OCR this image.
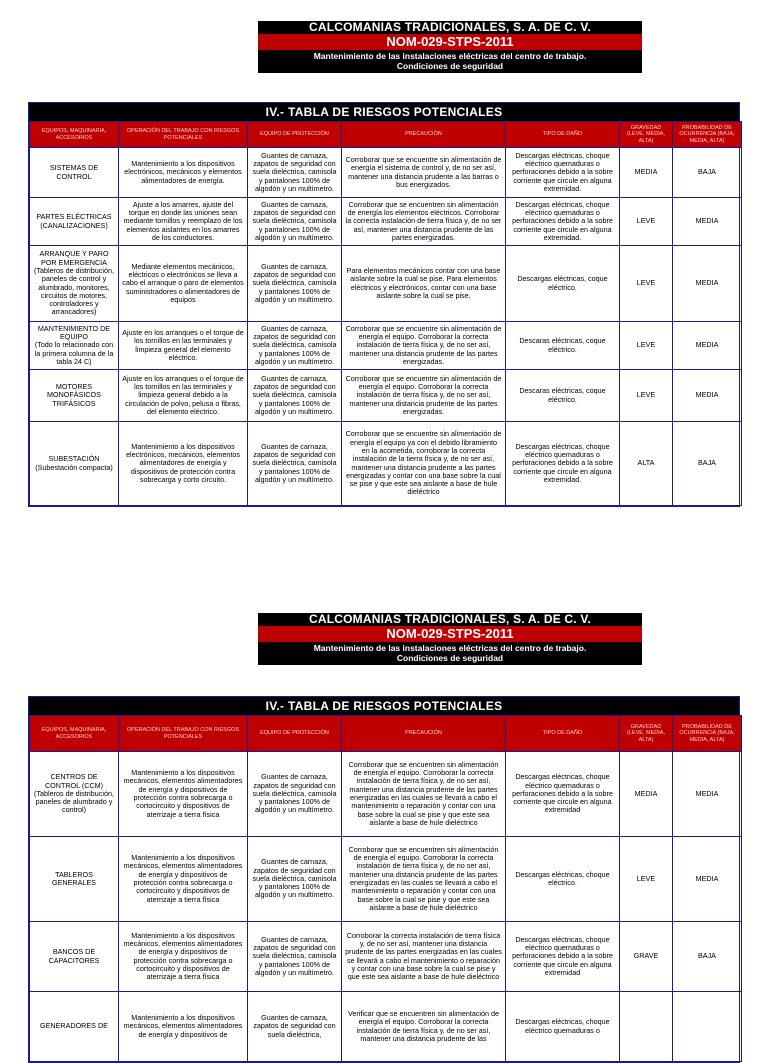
CALCOMANIAS TRADICIONALES, S. A. DE C. V.
NOM-029-STPS-2011
Mantenimiento de las instalaciones eléctricas del centro de trabajo.
Condiciones de seguridad
IV.- TABLA DE RIESGOS POTENCIALES
EQUIPOS, MAQUINARIA, ACCESORIOS	OPERACIÓN DEL TRABAJO CON RIESGOS POTENCIALES	EQUIPO DE PROTECCIÓN	PRECAUCIÓN	TIPO DE DAÑO	GRAVEDAD (LEVE, MEDIA, ALTA)	PROBABILIDAD DE OCURRENCIA (BAJA, MEDIA, ALTA)
SISTEMAS DE CONTROL	Mantenimiento a los dispositivos electrónicos, mecánicos y elementos alimentadores de energía.	Guantes de carnaza, zapatos de seguridad con suela dieléctrica, camisola y pantalones 100% de algodón y un multímetro.	Corroborar que se encuentre sin alimentación de energía el sistema de control y, de no ser así, mantener una distancia prudente a las barras o bus energizados.	Descargas eléctricas, choque eléctrico quemaduras o perforaciones debido a la sobre corriente que circule en alguna extremidad.	MEDIA	BAJA
PARTES ELÉCTRICAS (CANALIZACIONES)	Ajuste a los amarres, ajuste del torque en donde las uniones sean mediante tornillos y reemplazo de los elementos aislantes en los amarres de los conductores.	Guantes de carnaza, zapatos de seguridad con suela dieléctrica, camisola y pantalones 100% de algodón y un multímetro.	Corroborar que se encuentren sin alimentación de energía los elementos eléctricos. Corroborar la correcta instalación de tierra física y, de no ser así, mantener una distancia prudente de las partes energizadas.	Descargas eléctricas, choque eléctrico quemaduras o perforaciones debido a la sobre corriente que circule en alguna extremidad.	LEVE	MEDIA

ARRANQUE Y PARO POR EMERGENCIA
(Tableros de distribución, paneles de control y alumbrado, monitores, circuitos de motores, controladores y arrancadores)	Mediante elementos mecánicos, eléctricos o electrónicos se lleva a cabo el arranque o paro de elementos suministradores o alimentadores de equipos	Guantes de carnaza, zapatos de seguridad con suela dieléctrica, camisola y pantalones 100% de algodón y un multímetro.	Para elementos mecánicos contar con una base aislante sobre la cual se pise. Para elementos eléctricos y electrónicos, contar con una base aislante sobre la cual se pise.	Descargas eléctricas, coque eléctrico.	LEVE	MEDIA

MANTENIMIENTO DE EQUIPO
(Todo lo relacionado con la primera columna de la tabla 24 C)	Ajuste en los arranques o el torque de los tornillos en las terminales y limpieza general del elemento eléctrico.	Guantes de carnaza, zapatos de seguridad con suela dieléctrica, camisola y pantalones 100% de algodón y un multímetro.	Corroborar que se encuentre sin alimentación de energía el equipo. Corroborar la correcta instalación de tierra física y, de no ser así, mantener una distancia prudente de las partes energizadas.	Descaras eléctricas, coque eléctrico.	LEVE	MEDIA
MOTORES MONOFÁSICOS TRIFÁSICOS	Ajuste en los arranques o el torque de los tornillos en las terminales y limpieza general debido a la circulación de polvo, pelusa o fibras, del elemento eléctrico.	Guantes de carnaza, zapatos de seguridad con suela dieléctrica, camisola y pantalones 100% de algodón y un multímetro.	Corroborar que se encuentre sin alimentación de energía el equipo. Corroborar la correcta instalación de tierra física y, de no ser así, mantener una distancia prudente de las partes energizadas.	Descaras eléctricas, coque eléctrico.	LEVE	MEDIA

SUBESTACIÓN
(Subestación compacta)	Mantenimiento a los dispositivos electrónicos, mecánicos, elementos alimentadores de energía y dispositivos de protección contra sobrecarga y corto circuito.	Guantes de carnaza, zapatos de seguridad con suela dieléctrica, camisola y pantalones 100% de algodón y un multímetro.	Corroborar que se encuentre sin alimentación de energía el equipo ya con el debido libramiento en la acometida, corroborar la correcta instalación de la tierra física y, de no ser así, mantener una distancia prudente a las partes energizadas y contar con una base sobre la cual se pise y que este sea aislante a base de hule dieléctrico	Descargas eléctricas, choque eléctrico quemaduras o perforaciones debido a la sobre corriente que circule en alguna extremidad.	ALTA	BAJA
CALCOMANIAS TRADICIONALES, S. A. DE C. V.
NOM-029-STPS-2011
Mantenimiento de las instalaciones eléctricas del centro de trabajo.
Condiciones de seguridad
IV.- TABLA DE RIESGOS POTENCIALES
EQUIPOS, MAQUINARIA, ACCESORIOS	OPERACIÓN DEL TRABAJO CON RIESGOS POTENCIALES	EQUIPO DE PROTECCIÓN	PRECAUCIÓN	TIPO DE DAÑO	GRAVEDAD (LEVE, MEDIA, ALTA)	PROBABILIDAD DE OCURRENCIA (BAJA, MEDIA, ALTA)

CENTROS DE CONTROL (CCM)
(Tableros de distribución, paneles de alumbrado y control)	Mantenimiento a los dispositivos mecánicos, elementos alimentadores de energía y dispositivos de protección contra sobrecarga o cortocircuito y dispositivos de aterrizaje a tierra física	Guantes de carnaza, zapatos de seguridad con suela dieléctrica, camisola y pantalones 100% de algodón y un multímetro.	Corroborar que se encuentren sin alimentación de energía el equipo. Corroborar la correcta instalación de tierra física y, de no ser así, mantener una distancia prudente de las partes energizadas en las cuales se llevará a cabo el mantenimiento o reparación y contar con una base sobre la cual se pise y que este sea aislante a base de hule dieléctrico	Descargas eléctricas, choque eléctrico quemaduras o perforaciones debido a la sobre corriente que circule en alguna extremidad	MEDIA	MEDIA
TABLEROS GENERALES	Mantenimiento a los dispositivos mecánicos, elementos alimentadores de energía y dispositivos de protección contra sobrecarga o cortocircuito y dispositivos de aterrizaje a tierra física	Guantes de carnaza, zapatos de seguridad con suela dieléctrica, camisola y pantalones 100% de algodón y un multímetro.	Corroborar que se encuentren sin alimentación de energía el equipo. Corroborar la correcta instalación de tierra física y, de no ser así, mantener una distancia prudente de las partes energizadas en las cuales se llevará a cabo el mantenimiento o reparación y contar con una base sobre la cual se pise y que este sea aislante a base de hule dieléctrico	Descargas eléctricas, choque eléctrico.	LEVE	MEDIA
BANCOS DE CAPACITORES	Mantenimiento a los dispositivos mecánicos, elementos alimentadores de energía y dispositivos de protección contra sobrecarga o cortocircuito y dispositivos de aterrizaje a tierra física	Guantes de carnaza, zapatos de seguridad con suela dieléctrica, camisola y pantalones 100% de algodón y un multímetro.	Corroborar la correcta instalación de tierra física y, de no ser así, mantener una distancia prudente de las partes energizadas en las cuales se llevará a cabo el mantenimiento o reparación y contar con una base sobre la cual se pise y que este sea aislante a base de hule dieléctrico	Descargas eléctricas, choque eléctrico quemaduras o perforaciones debido a la sobre corriente que circule en alguna extremidad	GRAVE	BAJA
GENERADORES DE	Mantenimiento a los dispositivos mecánicos, elementos alimentadores de energía y dispositivos de	Guantes de carnaza, zapatos de seguridad con suela dieléctrica,	Verificar que se encuentren sin alimentación de energía el equipo. Corroborar la correcta instalación de tierra física y, de no ser así, mantener una distancia prudente de las	Descargas eléctricas, choque eléctrico quemaduras o		
